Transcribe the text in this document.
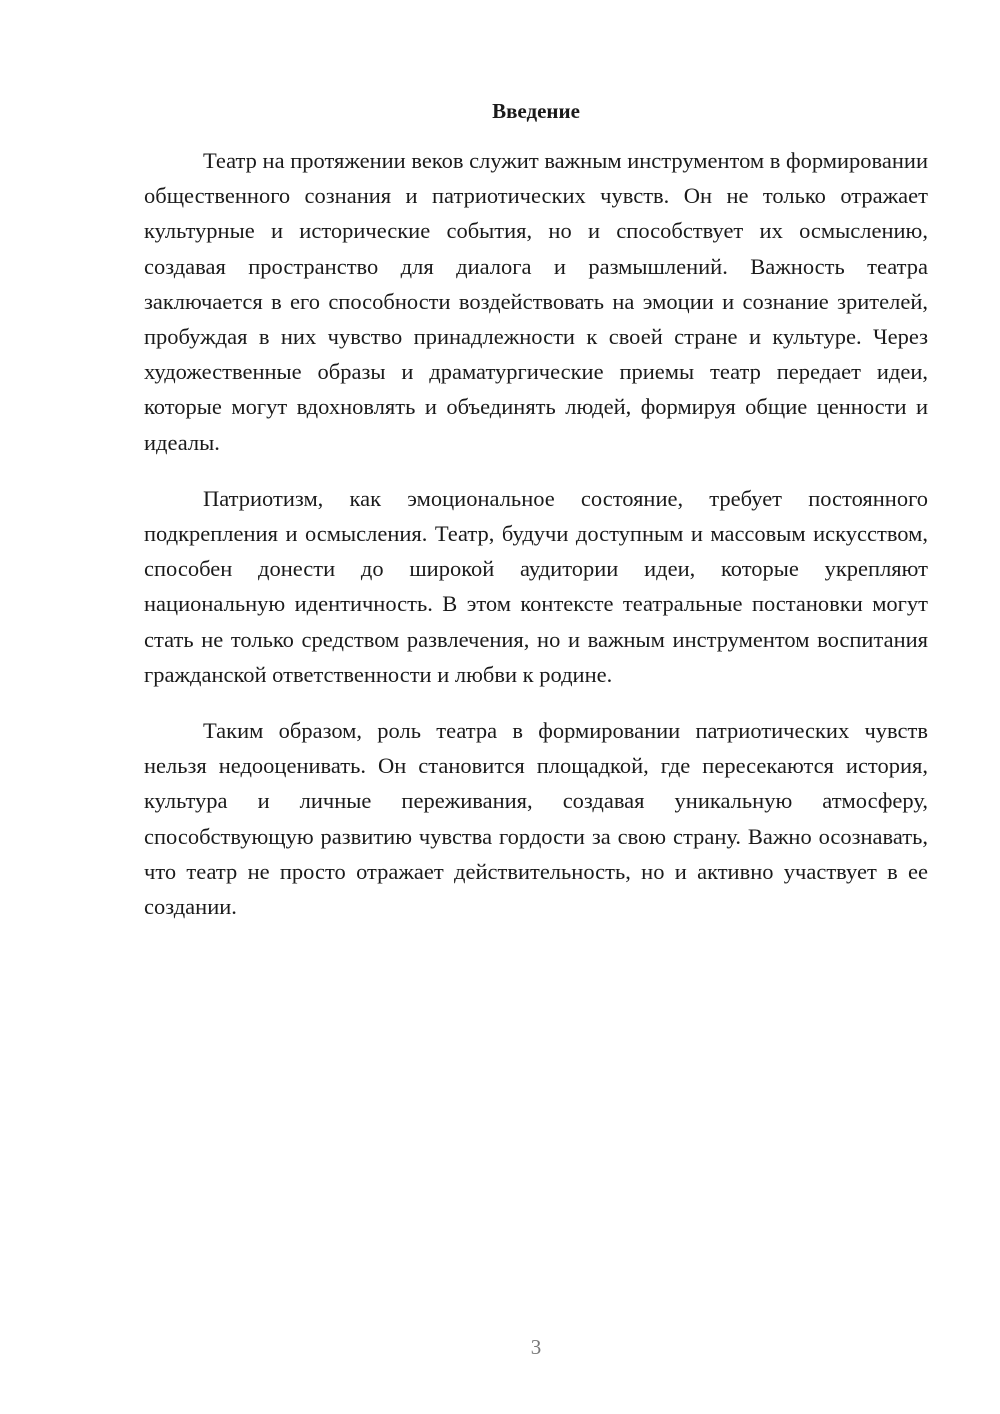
Введение

Театр на протяжении веков служит важным инструментом в формировании общественного сознания и патриотических чувств. Он не только отражает культурные и исторические события, но и способствует их осмыслению, создавая пространство для диалога и размышлений. Важность театра заключается в его способности воздействовать на эмоции и сознание зрителей, пробуждая в них чувство принадлежности к своей стране и культуре. Через художественные образы и драматургические приемы театр передает идеи, которые могут вдохновлять и объединять людей, формируя общие ценности и идеалы.

Патриотизм, как эмоциональное состояние, требует постоянного подкрепления и осмысления. Театр, будучи доступным и массовым искусством, способен донести до широкой аудитории идеи, которые укрепляют национальную идентичность. В этом контексте театральные постановки могут стать не только средством развлечения, но и важным инструментом воспитания гражданской ответственности и любви к родине.

Таким образом, роль театра в формировании патриотических чувств нельзя недооценивать. Он становится площадкой, где пересекаются история, культура и личные переживания, создавая уникальную атмосферу, способствующую развитию чувства гордости за свою страну. Важно осознавать, что театр не просто отражает действительность, но и активно участвует в ее создании.

3
